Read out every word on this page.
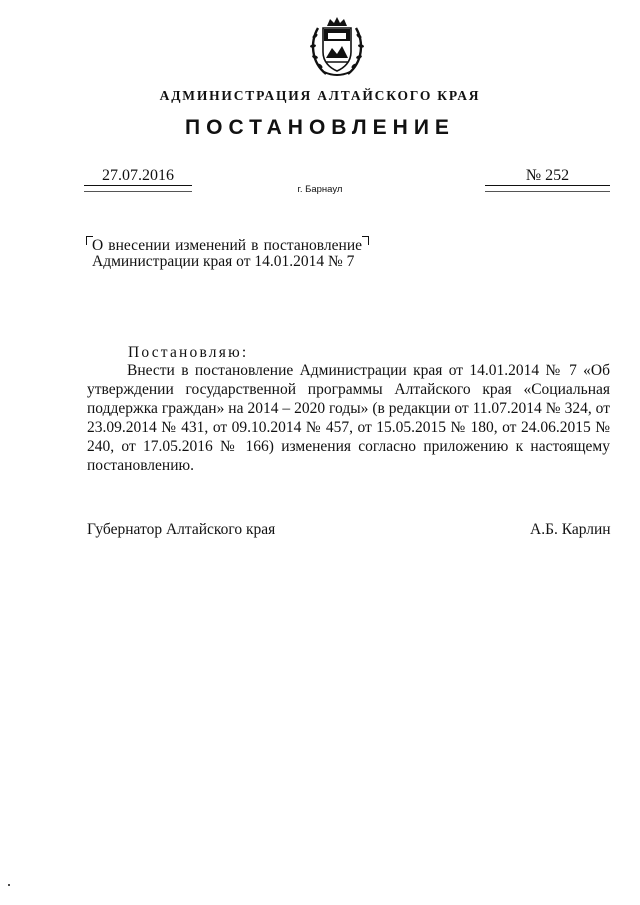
АДМИНИСТРАЦИЯ АЛТАЙСКОГО КРАЯ
ПОСТАНОВЛЕНИЕ
27.07.2016	№ 252
г. Барнаул
О внесении изменений в постановление Администрации края от 14.01.2014 № 7
Постановляю:
Внести в постановление Администрации края от 14.01.2014 № 7 «Об утверждении государственной программы Алтайского края «Социальная поддержка граждан» на 2014 – 2020 годы» (в редакции от 11.07.2014 № 324, от 23.09.2014 № 431, от 09.10.2014 № 457, от 15.05.2015 № 180, от 24.06.2015 № 240, от 17.05.2016 № 166) изменения согласно приложению к настоящему постановлению.
Губернатор Алтайского края	А.Б. Карлин
